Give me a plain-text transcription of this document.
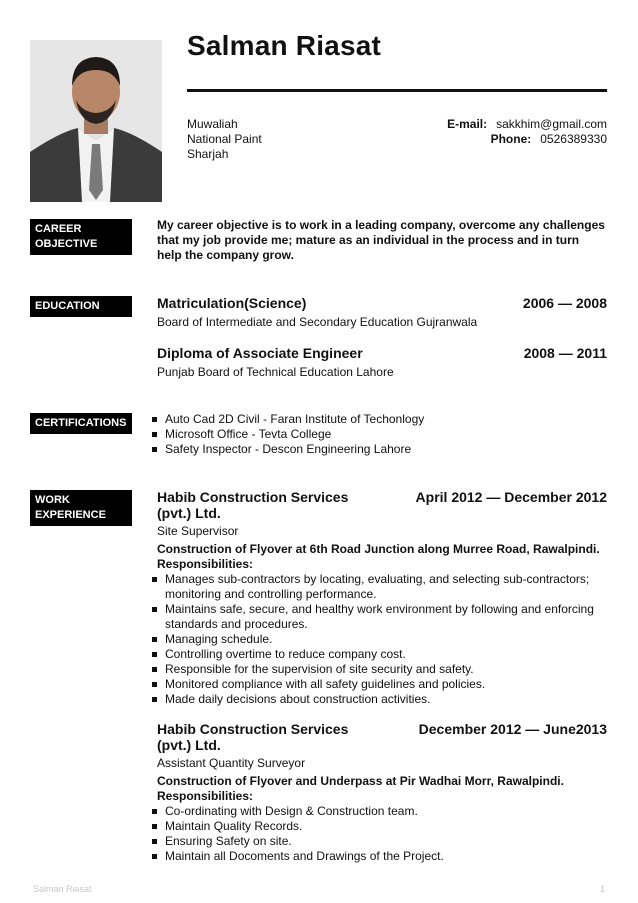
Salman Riasat
Muwaliah
National Paint
Sharjah
E-mail: sakkhim@gmail.com
Phone: 0526389330
CAREER
OBJECTIVE
My career objective is to work in a leading company, overcome any challenges that my job provide me; mature as an individual in the process and in turn help the company grow.
EDUCATION	Matriculation(Science)	2006 — 2008
Board of Intermediate and Secondary Education Gujranwala
Diploma of Associate Engineer	2008 — 2011
Punjab Board of Technical Education Lahore
CERTIFICATIONS	Auto Cad 2D Civil - Faran Institute of Techonlogy
Microsoft Office - Tevta College
Safety Inspector - Descon Engineering Lahore
WORK
EXPERIENCE
Habib Construction Services
(pvt.) Ltd.
April 2012 — December 2012
Site Supervisor
Construction of Flyover at 6th Road Junction along Murree Road, Rawalpindi.
Responsibilities:
Manages sub-contractors by locating, evaluating, and selecting sub-contractors; monitoring and controlling performance.
Maintains safe, secure, and healthy work environment by following and enforcing standards and procedures.
Managing schedule.
Controlling overtime to reduce company cost.
Responsible for the supervision of site security and safety.
Monitored compliance with all safety guidelines and policies.
Made daily decisions about construction activities.
Habib Construction Services
(pvt.) Ltd.
December 2012 — June2013
Assistant Quantity Surveyor
Construction of Flyover and Underpass at Pir Wadhai Morr, Rawalpindi.
Responsibilities:
Co-ordinating with Design & Construction team.
Maintain Quality Records.
Ensuring Safety on site.
Maintain all Docoments and Drawings of the Project.
Salman Riasat	1
